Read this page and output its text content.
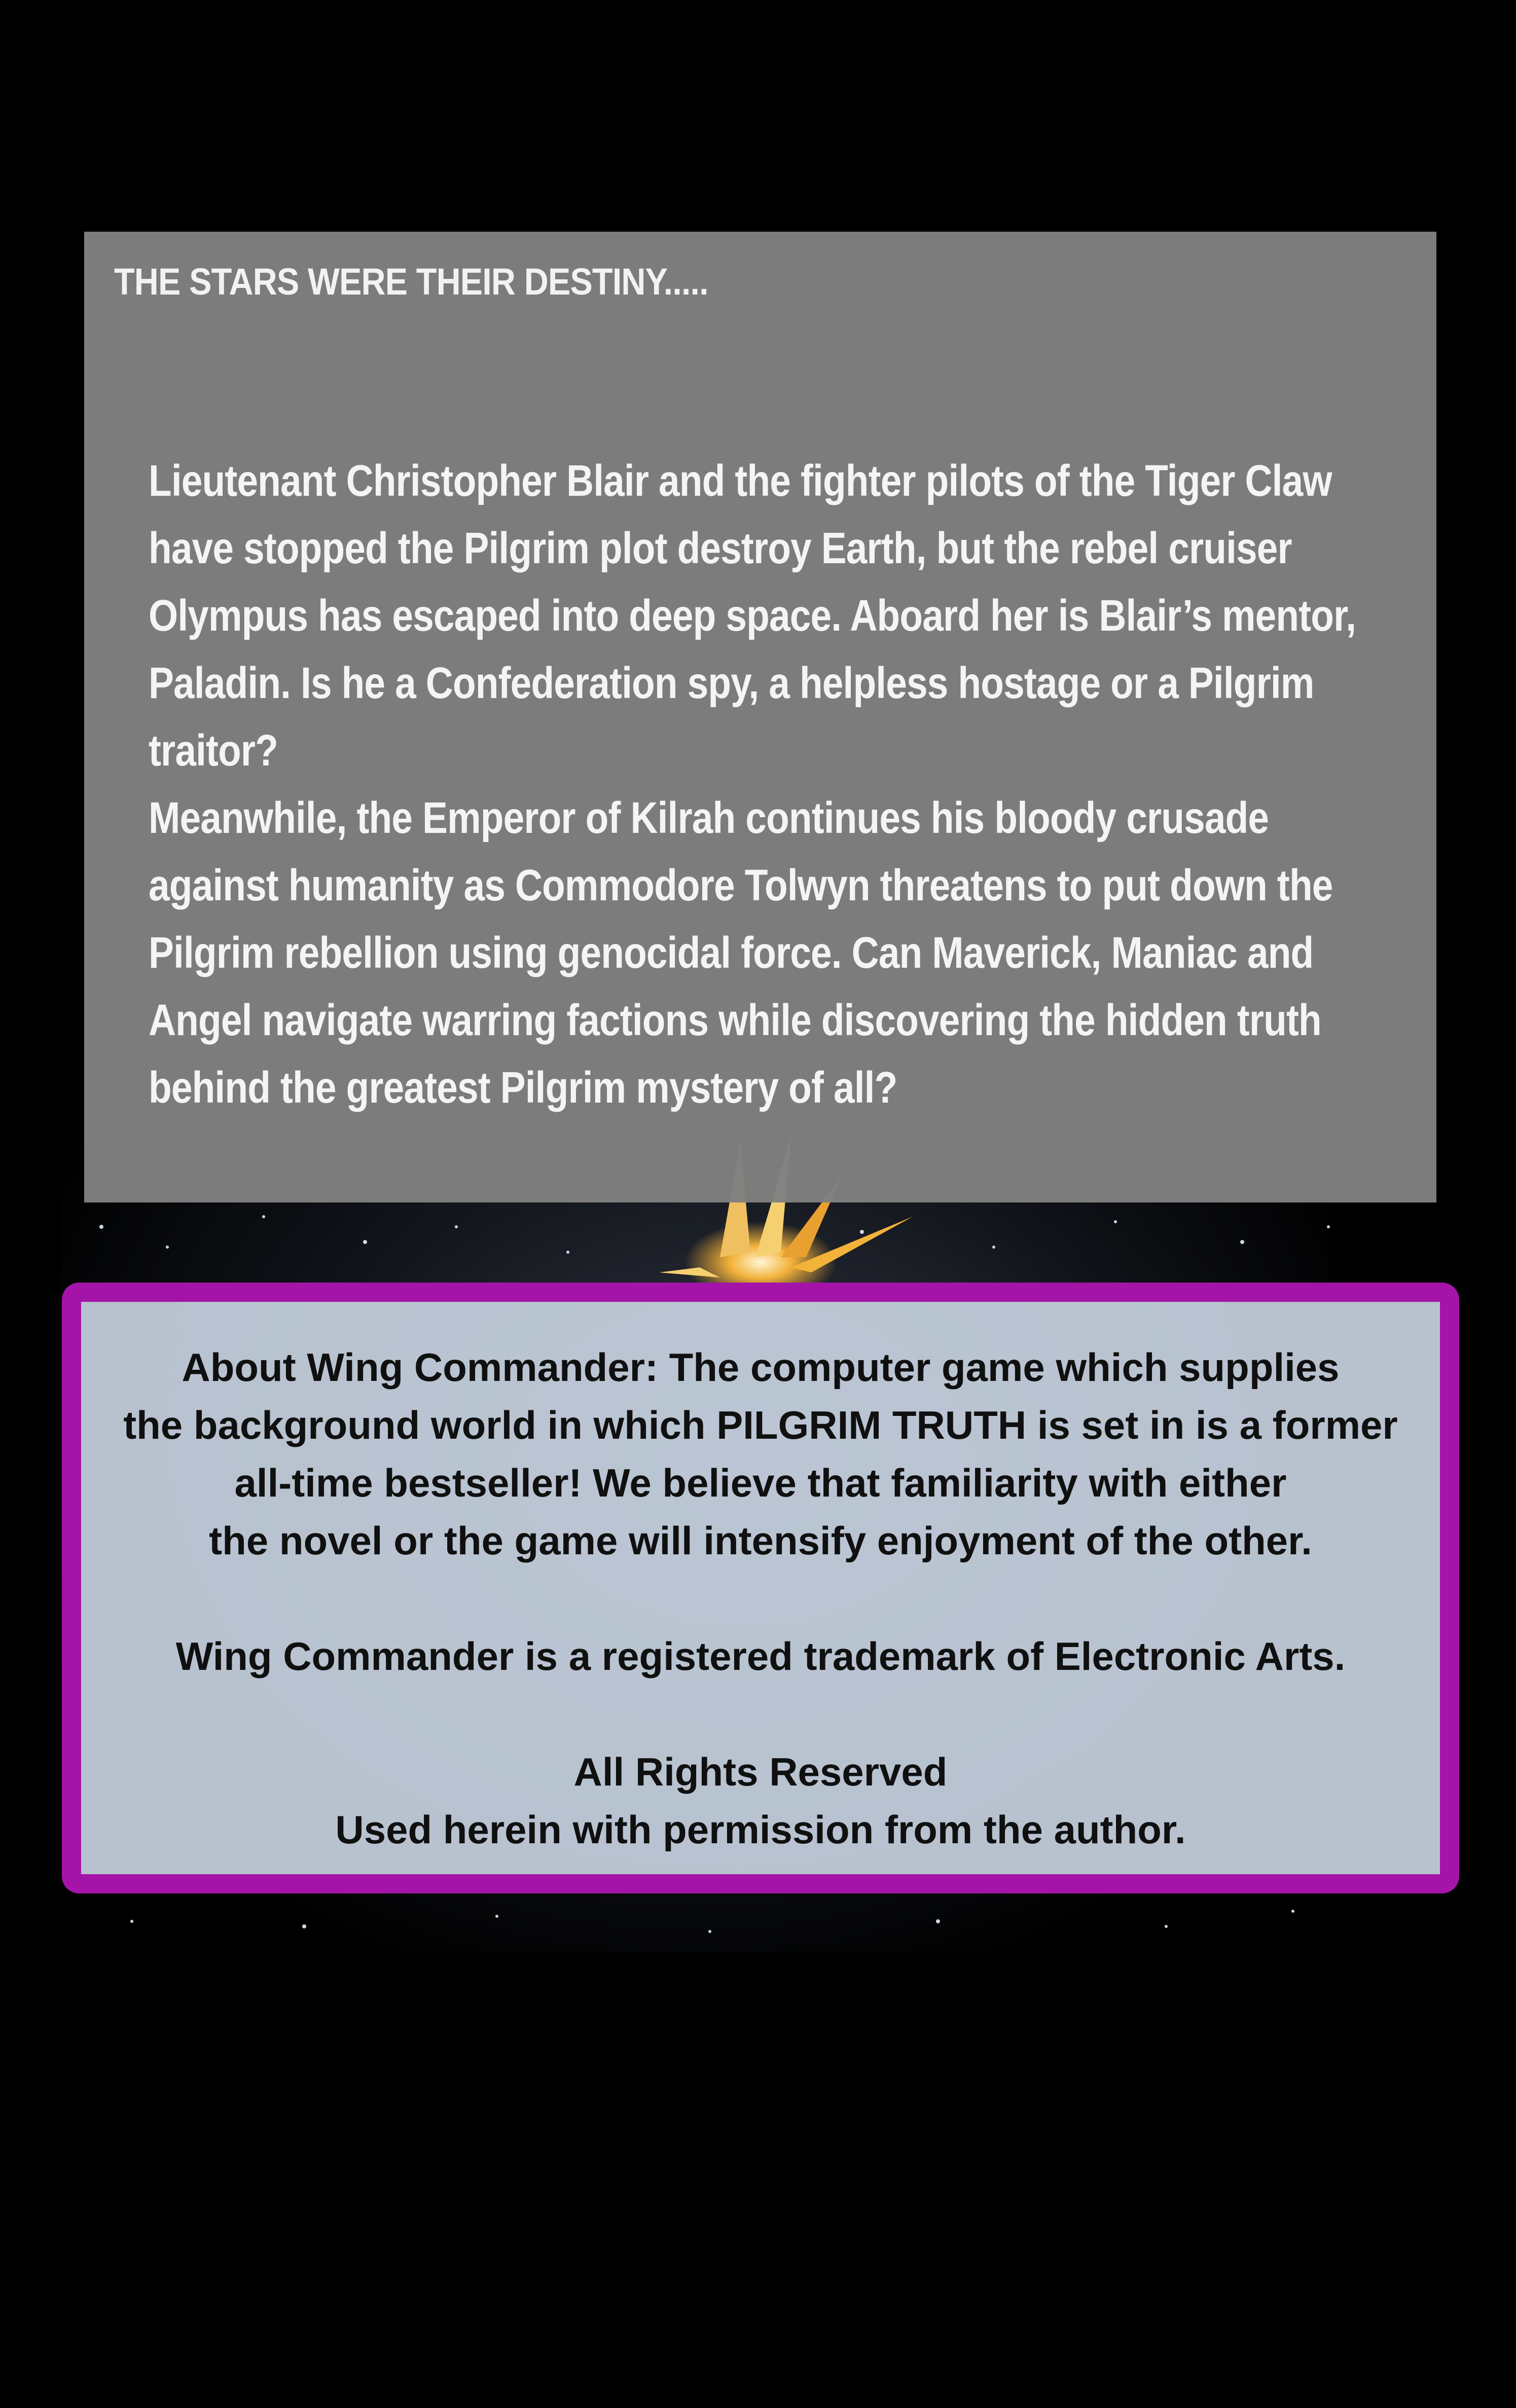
THE STARS WERE THEIR DESTINY.....

Lieutenant Christopher Blair and the fighter pilots of the Tiger Claw have stopped the Pilgrim plot destroy Earth, but the rebel cruiser Olympus has escaped into deep space. Aboard her is Blair’s mentor, Paladin. Is he a Confederation spy, a helpless hostage or a Pilgrim traitor?

Meanwhile, the Emperor of Kilrah continues his bloody crusade against humanity as Commodore Tolwyn threatens to put down the Pilgrim rebellion using genocidal force. Can Maverick, Maniac and Angel navigate warring factions while discovering the hidden truth behind the greatest Pilgrim mystery of all?

About Wing Commander: The computer game which supplies
the background world in which PILGRIM TRUTH is set in is a former
all-time bestseller! We believe that familiarity with either
the novel or the game will intensify enjoyment of the other.
Wing Commander is a registered trademark of Electronic Arts.
All Rights Reserved
Used herein with permission from the author.
